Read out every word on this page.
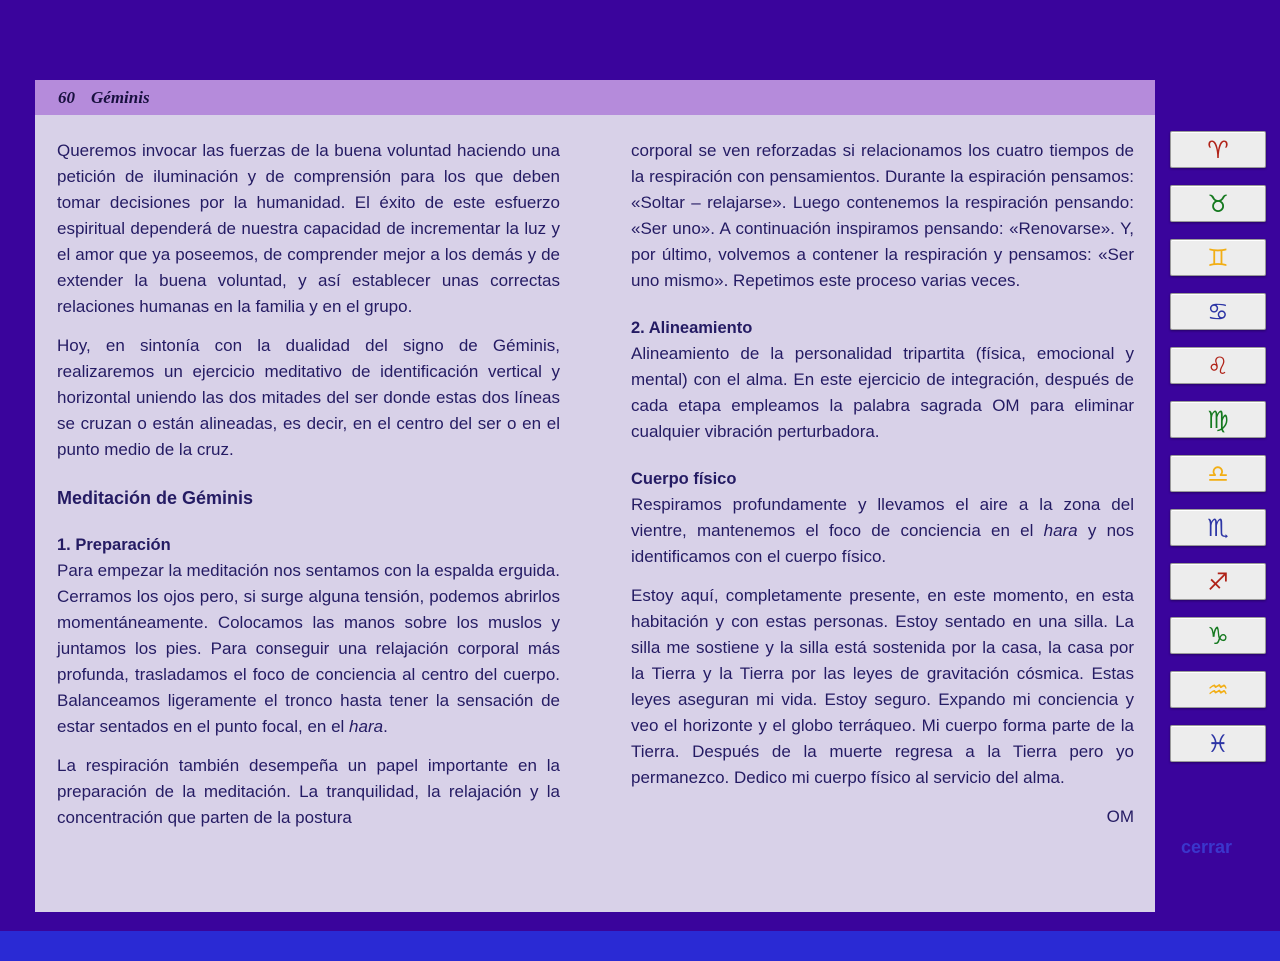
60 Géminis

Queremos invocar las fuerzas de la buena voluntad haciendo una petición de iluminación y de comprensión para los que deben tomar decisiones por la humanidad. El éxito de este esfuerzo espiritual dependerá de nuestra capacidad de incrementar la luz y el amor que ya poseemos, de comprender mejor a los demás y de extender la buena voluntad, y así establecer unas correctas relaciones humanas en la familia y en el grupo.

Hoy, en sintonía con la dualidad del signo de Géminis, realizaremos un ejercicio meditativo de identificación vertical y horizontal uniendo las dos mitades del ser donde estas dos líneas se cruzan o están alineadas, es decir, en el centro del ser o en el punto medio de la cruz.

Meditación de Géminis
1. Preparación

Para empezar la meditación nos sentamos con la espalda erguida. Cerramos los ojos pero, si surge alguna tensión, podemos abrirlos momentáneamente. Colocamos las manos sobre los muslos y juntamos los pies. Para conseguir una relajación corporal más profunda, trasladamos el foco de conciencia al centro del cuerpo. Balanceamos ligeramente el tronco hasta tener la sensación de estar sentados en el punto focal, en el hara.

La respiración también desempeña un papel importante en la preparación de la meditación. La tranquilidad, la relajación y la concentración que parten de la postura

corporal se ven reforzadas si relacionamos los cuatro tiempos de la respiración con pensamientos. Durante la espiración pensamos: «Soltar – relajarse». Luego contenemos la respiración pensando: «Ser uno». A continuación inspiramos pensando: «Renovarse». Y, por último, volvemos a contener la respiración y pensamos: «Ser uno mismo». Repetimos este proceso varias veces.

2. Alineamiento

Alineamiento de la personalidad tripartita (física, emocional y mental) con el alma. En este ejercicio de integración, después de cada etapa empleamos la palabra sagrada OM para eliminar cualquier vibración perturbadora.

Cuerpo físico

Respiramos profundamente y llevamos el aire a la zona del vientre, mantenemos el foco de conciencia en el hara y nos identificamos con el cuerpo físico.

Estoy aquí, completamente presente, en este momento, en esta habitación y con estas personas. Estoy sentado en una silla. La silla me sostiene y la silla está sostenida por la casa, la casa por la Tierra y la Tierra por las leyes de gravitación cósmica. Estas leyes aseguran mi vida. Estoy seguro. Expando mi conciencia y veo el horizonte y el globo terráqueo. Mi cuerpo forma parte de la Tierra. Después de la muerte regresa a la Tierra pero yo permanezco. Dedico mi cuerpo físico al servicio del alma.

OM

♈
♉
♊
♋
♌
♍
♎
♏
♐
♑
♒
♓
cerrar
